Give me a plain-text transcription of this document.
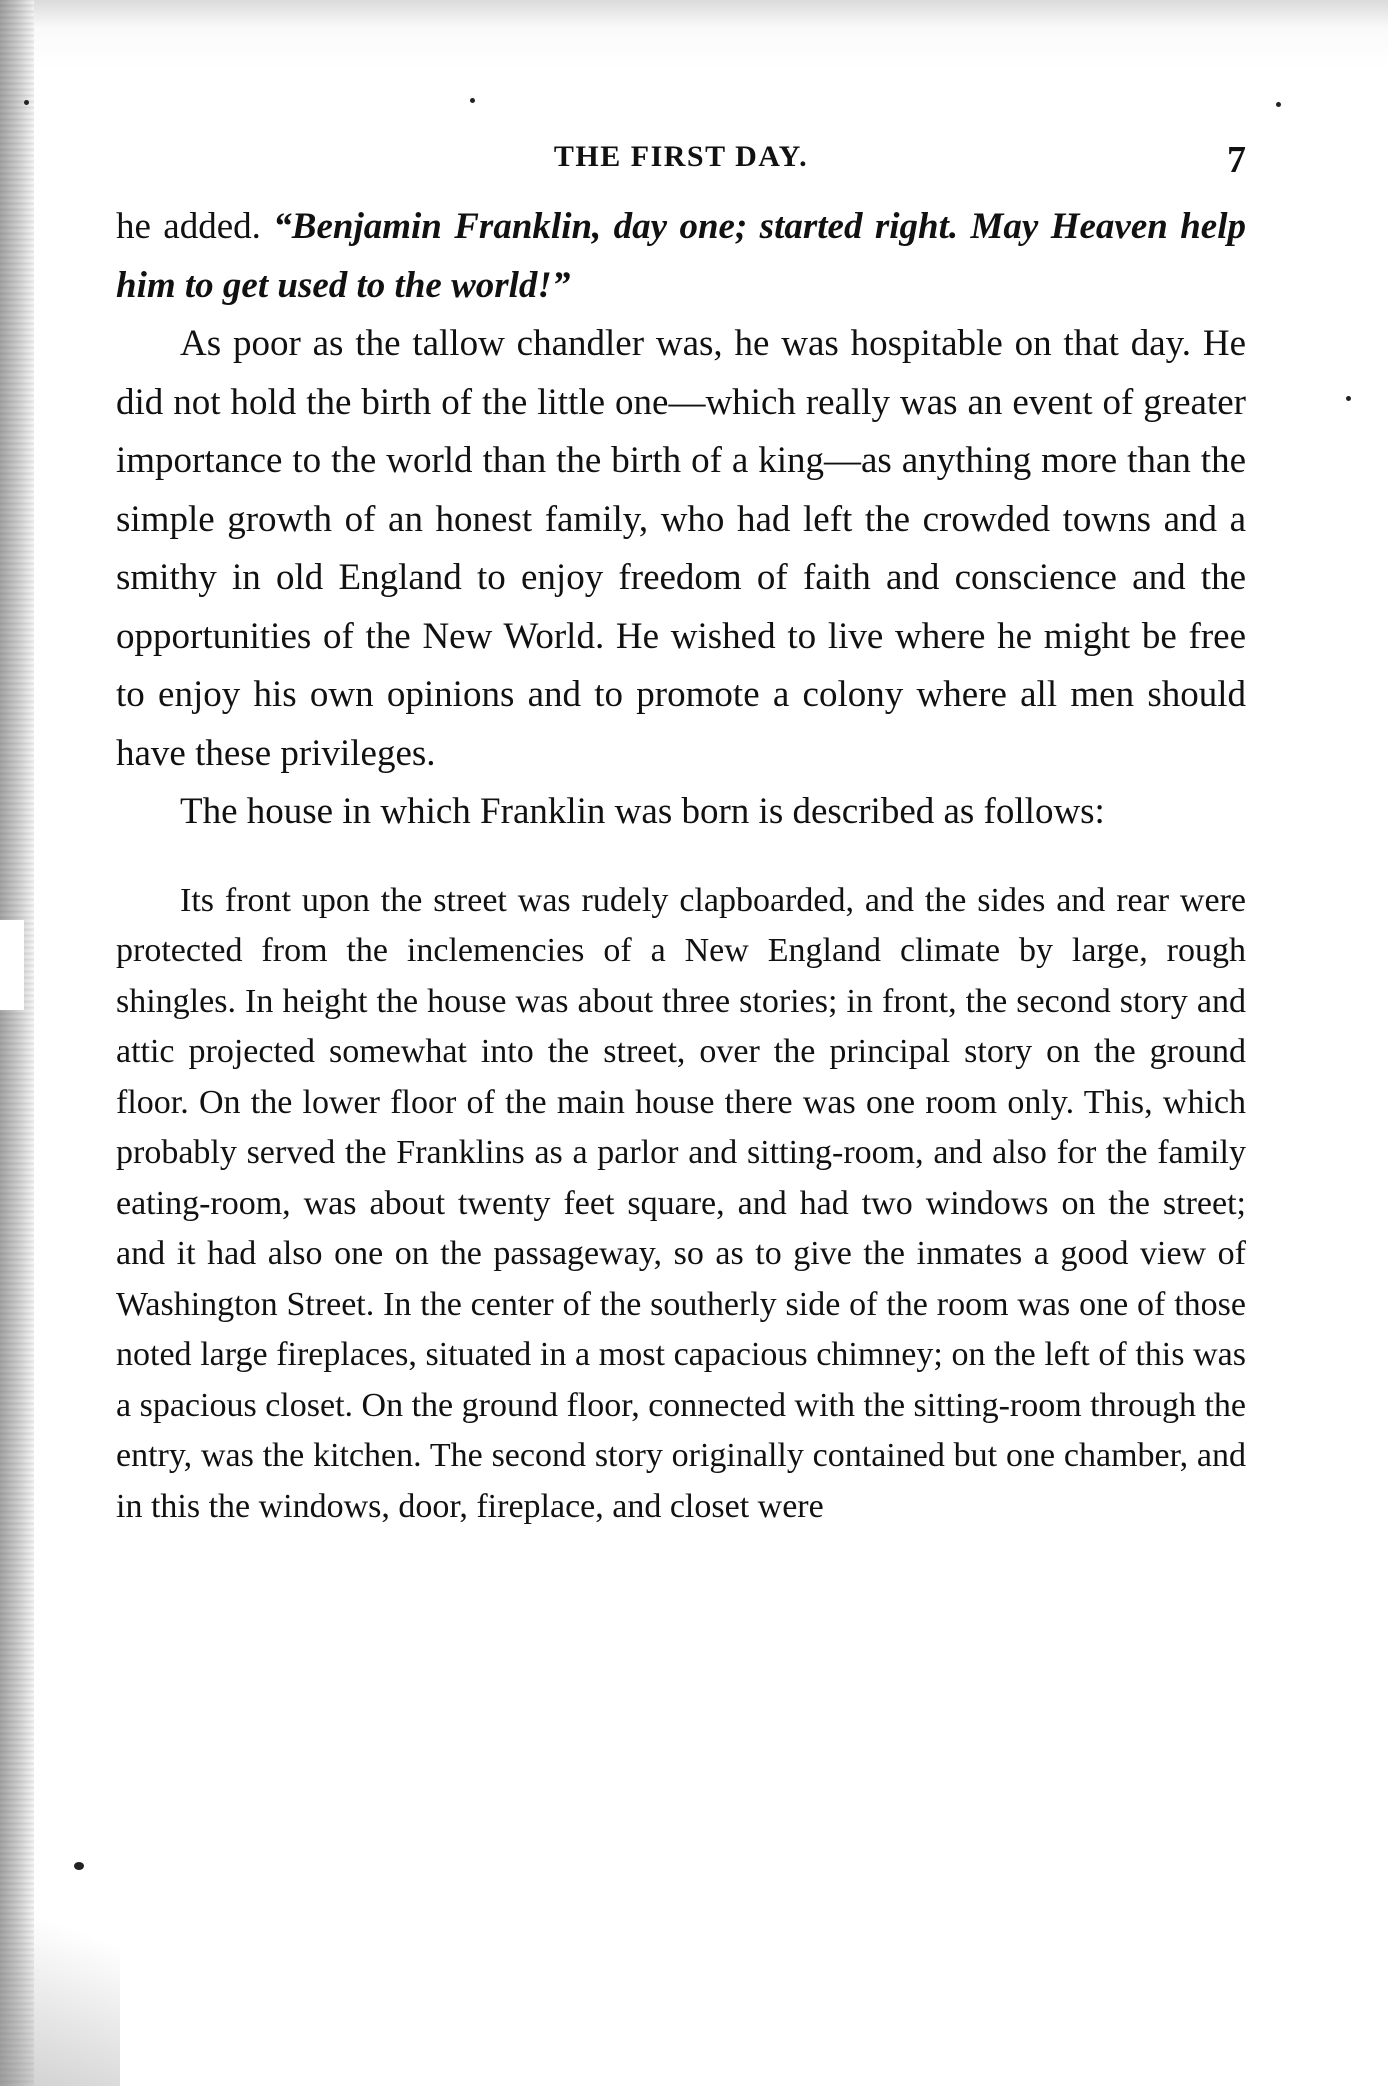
THE FIRST DAY.	7

he added. “Benjamin Franklin, day one; started right. May Heaven help him to get used to the world!”

As poor as the tallow chandler was, he was hospitable on that day. He did not hold the birth of the little one—which really was an event of greater importance to the world than the birth of a king—as anything more than the simple growth of an honest family, who had left the crowded towns and a smithy in old England to enjoy freedom of faith and conscience and the opportunities of the New World. He wished to live where he might be free to enjoy his own opinions and to promote a colony where all men should have these privileges.

The house in which Franklin was born is described as follows:

Its front upon the street was rudely clapboarded, and the sides and rear were protected from the inclemencies of a New England climate by large, rough shingles. In height the house was about three stories; in front, the second story and attic projected somewhat into the street, over the principal story on the ground floor. On the lower floor of the main house there was one room only. This, which probably served the Franklins as a parlor and sitting-room, and also for the family eating-room, was about twenty feet square, and had two windows on the street; and it had also one on the passageway, so as to give the inmates a good view of Washington Street. In the center of the southerly side of the room was one of those noted large fireplaces, situated in a most capacious chimney; on the left of this was a spacious closet. On the ground floor, connected with the sitting-room through the entry, was the kitchen. The second story originally contained but one chamber, and in this the windows, door, fireplace, and closet were
